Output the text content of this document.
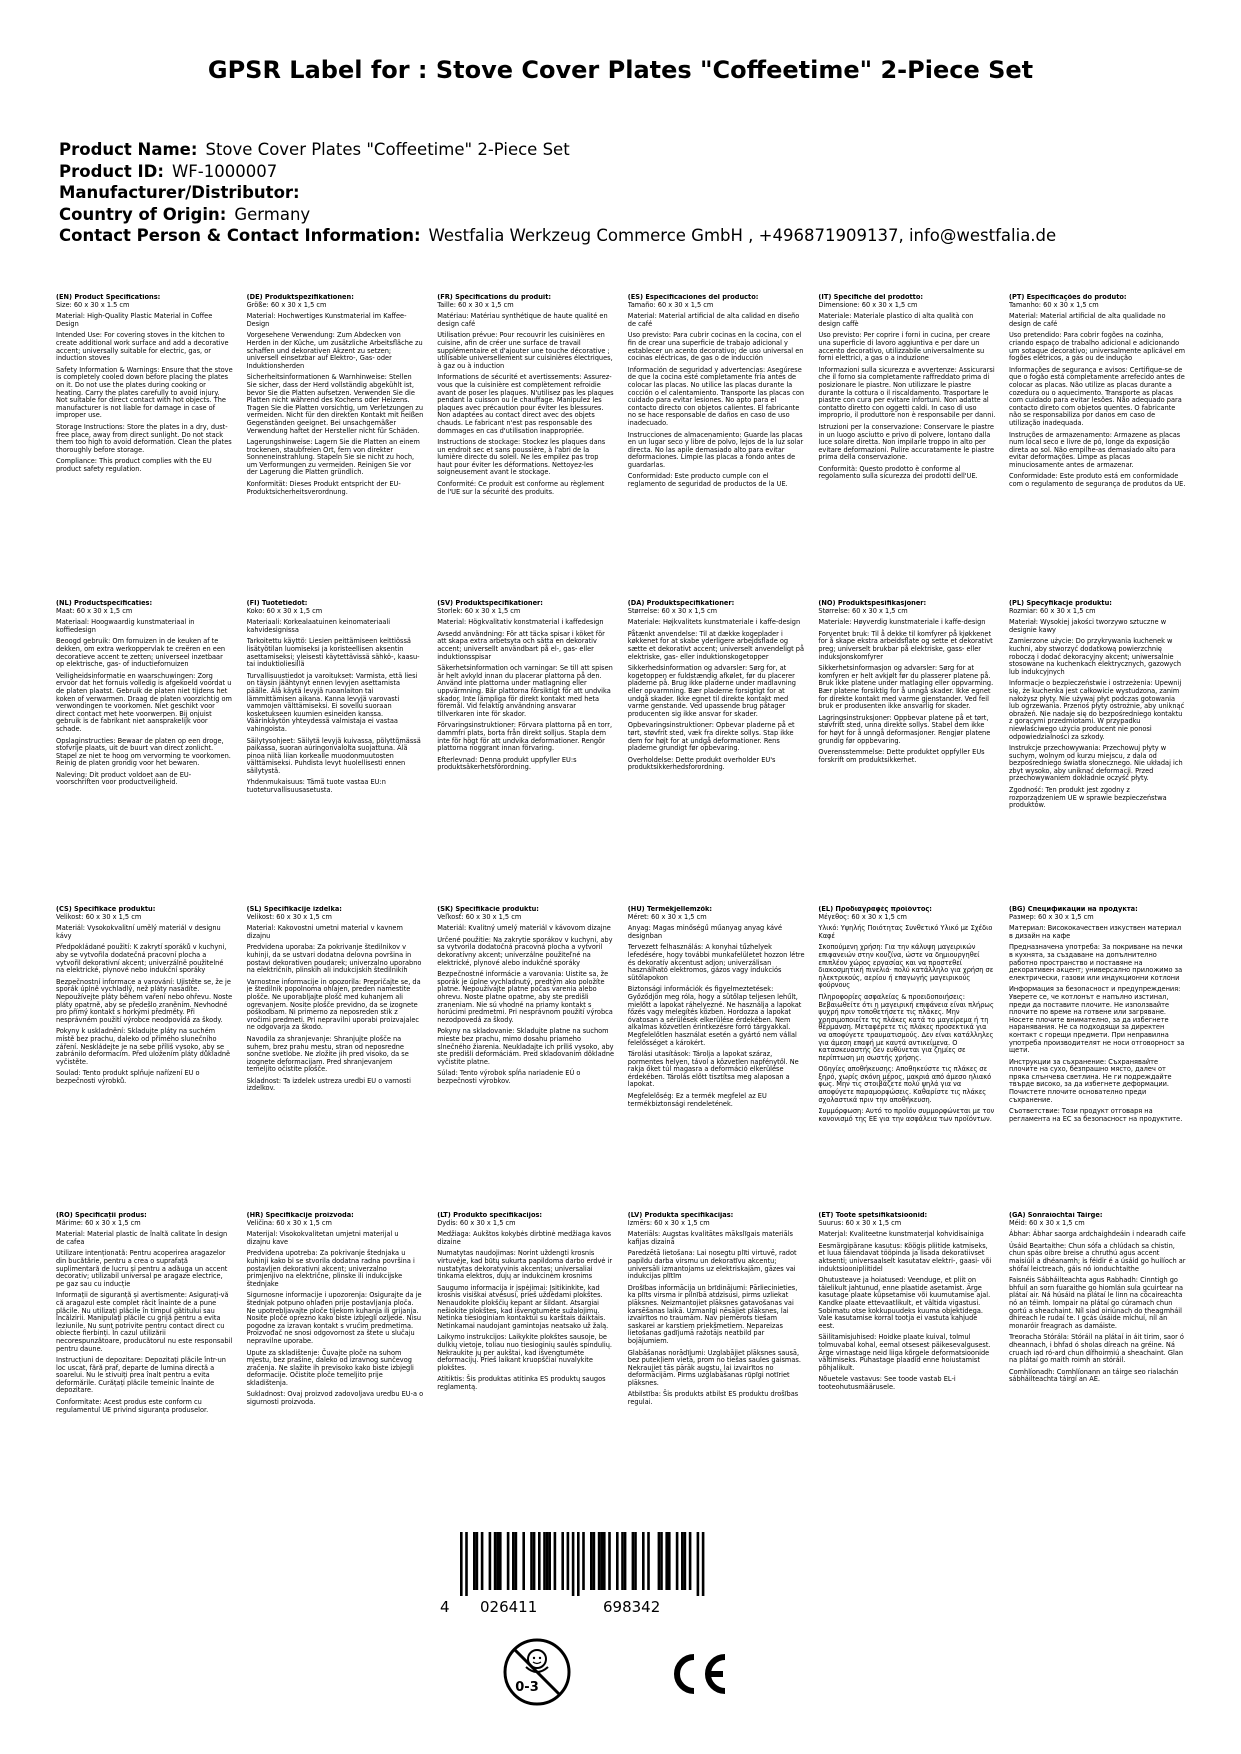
GPSR Label for : Stove Cover Plates "Coffeetime" 2-Piece Set
Product Name: Stove Cover Plates "Coffeetime" 2-Piece Set
Product ID: WF-1000007
Manufacturer/Distributor:
Country of Origin: Germany
Contact Person & Contact Information: Westfalia Werkzeug Commerce GmbH , +496871909137, info@westfalia.de
(EN) Product Specifications:

Size: 60 x 30 x 1.5 cm

Material: High-Quality Plastic Material in Coffee Design

Intended Use: For covering stoves in the kitchen to create additional work surface and add a decorative accent; universally suitable for electric, gas, or induction stoves

Safety Information & Warnings: Ensure that the stove is completely cooled down before placing the plates on it. Do not use the plates during cooking or heating. Carry the plates carefully to avoid injury. Not suitable for direct contact with hot objects. The manufacturer is not liable for damage in case of improper use.

Storage Instructions: Store the plates in a dry, dust-free place, away from direct sunlight. Do not stack them too high to avoid deformation. Clean the plates thoroughly before storage.

Compliance: This product complies with the EU product safety regulation.

(DE) Produktspezifikationen:

Größe: 60 x 30 x 1,5 cm

Material: Hochwertiges Kunstmaterial im Kaffee-Design

Vorgesehene Verwendung: Zum Abdecken von Herden in der Küche, um zusätzliche Arbeitsfläche zu schaffen und dekorativen Akzent zu setzen; universell einsetzbar auf Elektro-, Gas- oder Induktionsherden

Sicherheitsinformationen & Warnhinweise: Stellen Sie sicher, dass der Herd vollständig abgekühlt ist, bevor Sie die Platten aufsetzen. Verwenden Sie die Platten nicht während des Kochens oder Heizens. Tragen Sie die Platten vorsichtig, um Verletzungen zu vermeiden. Nicht für den direkten Kontakt mit heißen Gegenständen geeignet. Bei unsachgemäßer Verwendung haftet der Hersteller nicht für Schäden.

Lagerungshinweise: Lagern Sie die Platten an einem trockenen, staubfreien Ort, fern von direkter Sonneneinstrahlung. Stapeln Sie sie nicht zu hoch, um Verformungen zu vermeiden. Reinigen Sie vor der Lagerung die Platten gründlich.

Konformität: Dieses Produkt entspricht der EU-Produktsicherheitsverordnung.

(FR) Spécifications du produit:

Taille: 60 x 30 x 1,5 cm

Matériau: Matériau synthétique de haute qualité en design café

Utilisation prévue: Pour recouvrir les cuisinières en cuisine, afin de créer une surface de travail supplémentaire et d'ajouter une touche décorative ; utilisable universellement sur cuisinières électriques, à gaz ou à induction

Informations de sécurité et avertissements: Assurez-vous que la cuisinière est complètement refroidie avant de poser les plaques. N'utilisez pas les plaques pendant la cuisson ou le chauffage. Manipulez les plaques avec précaution pour éviter les blessures. Non adaptées au contact direct avec des objets chauds. Le fabricant n'est pas responsable des dommages en cas d'utilisation inappropriée.

Instructions de stockage: Stockez les plaques dans un endroit sec et sans poussière, à l'abri de la lumière directe du soleil. Ne les empilez pas trop haut pour éviter les déformations. Nettoyez-les soigneusement avant le stockage.

Conformité: Ce produit est conforme au règlement de l'UE sur la sécurité des produits.

(ES) Especificaciones del producto:

Tamaño: 60 x 30 x 1,5 cm

Material: Material artificial de alta calidad en diseño de café

Uso previsto: Para cubrir cocinas en la cocina, con el fin de crear una superficie de trabajo adicional y establecer un acento decorativo; de uso universal en cocinas eléctricas, de gas o de inducción

Información de seguridad y advertencias: Asegúrese de que la cocina esté completamente fría antes de colocar las placas. No utilice las placas durante la cocción o el calentamiento. Transporte las placas con cuidado para evitar lesiones. No apto para el contacto directo con objetos calientes. El fabricante no se hace responsable de daños en caso de uso inadecuado.

Instrucciones de almacenamiento: Guarde las placas en un lugar seco y libre de polvo, lejos de la luz solar directa. No las apile demasiado alto para evitar deformaciones. Limpie las placas a fondo antes de guardarlas.

Conformidad: Este producto cumple con el reglamento de seguridad de productos de la UE.

(IT) Specifiche del prodotto:

Dimensione: 60 x 30 x 1,5 cm

Materiale: Materiale plastico di alta qualità con design caffè

Uso previsto: Per coprire i forni in cucina, per creare una superficie di lavoro aggiuntiva e per dare un accento decorativo, utilizzabile universalmente su forni elettrici, a gas o a induzione

Informazioni sulla sicurezza e avvertenze: Assicurarsi che il forno sia completamente raffreddato prima di posizionare le piastre. Non utilizzare le piastre durante la cottura o il riscaldamento. Trasportare le piastre con cura per evitare infortuni. Non adatte al contatto diretto con oggetti caldi. In caso di uso improprio, il produttore non è responsabile per danni.

Istruzioni per la conservazione: Conservare le piastre in un luogo asciutto e privo di polvere, lontano dalla luce solare diretta. Non impilarle troppo in alto per evitare deformazioni. Pulire accuratamente le piastre prima della conservazione.

Conformità: Questo prodotto è conforme al regolamento sulla sicurezza dei prodotti dell'UE.

(PT) Especificações do produto:

Tamanho: 60 x 30 x 1,5 cm

Material: Material artificial de alta qualidade no design de café

Uso pretendido: Para cobrir fogões na cozinha, criando espaço de trabalho adicional e adicionando um sotaque decorativo; universalmente aplicável em fogões elétricos, a gás ou de indução

Informações de segurança e avisos: Certifique-se de que o fogão está completamente arrefecido antes de colocar as placas. Não utilize as placas durante a cozedura ou o aquecimento. Transporte as placas com cuidado para evitar lesões. Não adequado para contacto direto com objetos quentes. O fabricante não se responsabiliza por danos em caso de utilização inadequada.

Instruções de armazenamento: Armazene as placas num local seco e livre de pó, longe da exposição direta ao sol. Não empilhe-as demasiado alto para evitar deformações. Limpe as placas minuciosamente antes de armazenar.

Conformidade: Este produto está em conformidade com o regulamento de segurança de produtos da UE.

(NL) Productspecificaties:

Maat: 60 x 30 x 1,5 cm

Materiaal: Hoogwaardig kunstmateriaal in koffiedesign

Beoogd gebruik: Om fornuizen in de keuken af te dekken, om extra werkoppervlak te creëren en een decoratieve accent te zetten; universeel inzetbaar op elektrische, gas- of inductiefornuizen

Veiligheidsinformatie en waarschuwingen: Zorg ervoor dat het fornuis volledig is afgekoeld voordat u de platen plaatst. Gebruik de platen niet tijdens het koken of verwarmen. Draag de platen voorzichtig om verwondingen te voorkomen. Niet geschikt voor direct contact met hete voorwerpen. Bij onjuist gebruik is de fabrikant niet aansprakelijk voor schade.

Opslaginstructies: Bewaar de platen op een droge, stofvrije plaats, uit de buurt van direct zonlicht. Stapel ze niet te hoog om vervorming te voorkomen. Reinig de platen grondig voor het bewaren.

Naleving: Dit product voldoet aan de EU-voorschriften voor productveiligheid.

(FI) Tuotetiedot:

Koko: 60 x 30 x 1,5 cm

Materiaali: Korkealaatuinen keinomateriaali kahvidesignissa

Tarkoitettu käyttö: Liesien peittämiseen keittiössä lisätyötilan luomiseksi ja koristeellisen aksentin asettamiseksi; yleisesti käytettävissä sähkö-, kaasu- tai induktioliesillä

Turvallisuustiedot ja varoitukset: Varmista, että liesi on täysin jäähtynyt ennen levyjen asettamista päälle. Älä käytä levyjä ruoanlaiton tai lämmittämisen aikana. Kanna levyjä varovasti vammojen välttämiseksi. Ei sovellu suoraan kosketukseen kuumien esineiden kanssa. Väärinkäytön yhteydessä valmistaja ei vastaa vahingoista.

Säilytysohjeet: Säilytä levyjä kuivassa, pölyttömässä paikassa, suoran auringonvalolta suojattuna. Älä pinoa niitä liian korkealle muodonmuutosten välttämiseksi. Puhdista levyt huolellisesti ennen säilytystä.

Yhdenmukaisuus: Tämä tuote vastaa EU:n tuoteturvallisuusasetusta.

(SV) Produktspecifikationer:

Storlek: 60 x 30 x 1,5 cm

Material: Högkvalitativ konstmaterial i kaffedesign

Avsedd användning: För att täcka spisar i köket för att skapa extra arbetsyta och sätta en dekorativ accent; universellt användbart på el-, gas- eller induktionsspisar

Säkerhetsinformation och varningar: Se till att spisen är helt avkyld innan du placerar plattorna på den. Använd inte plattorna under matlagning eller uppvärmning. Bär plattorna försiktigt för att undvika skador. Inte lämpliga för direkt kontakt med heta föremål. Vid felaktig användning ansvarar tillverkaren inte för skador.

Förvaringsinstruktioner: Förvara plattorna på en torr, dammfri plats, borta från direkt solljus. Stapla dem inte för högt för att undvika deformationer. Rengör plattorna noggrant innan förvaring.

Efterlevnad: Denna produkt uppfyller EU:s produktsäkerhetsförordning.

(DA) Produktspecifikationer:

Størrelse: 60 x 30 x 1,5 cm

Materiale: Højkvalitets kunstmateriale i kaffe-design

Påtænkt anvendelse: Til at dække kogeplader i køkkenet for at skabe yderligere arbejdsflade og sætte et dekorativt accent; universelt anvendeligt på elektriske, gas- eller induktionskogetopper

Sikkerhedsinformation og advarsler: Sørg for, at kogetoppen er fuldstændig afkølet, før du placerer pladerne på. Brug ikke pladerne under madlavning eller opvarmning. Bær pladerne forsigtigt for at undgå skader. Ikke egnet til direkte kontakt med varme genstande. Ved upassende brug påtager producenten sig ikke ansvar for skader.

Opbevaringsinstruktioner: Opbevar pladerne på et tørt, støvfrit sted, væk fra direkte sollys. Stap ikke dem for højt for at undgå deformationer. Rens pladerne grundigt før opbevaring.

Overholdelse: Dette produkt overholder EU's produktsikkerhedsforordning.

(NO) Produktspesifikasjoner:

Størrelse: 60 x 30 x 1,5 cm

Materiale: Høyverdig kunstmateriale i kaffe-design

Forventet bruk: Til å dekke til komfyrer på kjøkkenet for å skape ekstra arbeidsflate og sette et dekorativt preg; universelt brukbar på elektriske, gass- eller induksjonskomfyrer

Sikkerhetsinformasjon og advarsler: Sørg for at komfyren er helt avkjølt før du plasserer platene på. Bruk ikke platene under matlaging eller oppvarming. Bær platene forsiktig for å unngå skader. Ikke egnet for direkte kontakt med varme gjenstander. Ved feil bruk er produsenten ikke ansvarlig for skader.

Lagringsinstruksjoner: Oppbevar platene på et tørt, støvfritt sted, unna direkte sollys. Stabel dem ikke for høyt for å unngå deformasjoner. Rengjør platene grundig før oppbevaring.

Overensstemmelse: Dette produktet oppfyller EUs forskrift om produktsikkerhet.

(PL) Specyfikacje produktu:

Rozmiar: 60 x 30 x 1,5 cm

Materiał: Wysokiej jakości tworzywo sztuczne w designie kawy

Zamierzone użycie: Do przykrywania kuchenek w kuchni, aby stworzyć dodatkową powierzchnię roboczą i dodać dekoracyjny akcent; uniwersalnie stosowane na kuchenkach elektrycznych, gazowych lub indukcyjnych

Informacje o bezpieczeństwie i ostrzeżenia: Upewnij się, że kuchenka jest całkowicie wystudzona, zanim nałożysz płyty. Nie używaj płyt podczas gotowania lub ogrzewania. Przenoś płyty ostrożnie, aby uniknąć obrażeń. Nie nadaje się do bezpośredniego kontaktu z gorącymi przedmiotami. W przypadku niewłaściwego użycia producent nie ponosi odpowiedzialności za szkody.

Instrukcje przechowywania: Przechowuj płyty w suchym, wolnym od kurzu miejscu, z dala od bezpośredniego światła słonecznego. Nie układaj ich zbyt wysoko, aby uniknąć deformacji. Przed przechowywaniem dokładnie oczyść płyty.

Zgodność: Ten produkt jest zgodny z rozporządzeniem UE w sprawie bezpieczeństwa produktów.

(CS) Specifikace produktu:

Velikost: 60 x 30 x 1,5 cm

Materiál: Vysokokvalitní umělý materiál v designu kávy

Předpokládané použití: K zakrytí sporáků v kuchyni, aby se vytvořila dodatečná pracovní plocha a vytvořil dekorativní akcent; univerzálně použitelné na elektrické, plynové nebo indukční sporáky

Bezpečnostní informace a varování: Ujistěte se, že je sporák úplně vychladlý, než pláty nasadíte. Nepoužívejte pláty během vaření nebo ohřevu. Noste pláty opatrně, aby se předešlo zraněním. Nevhodné pro přímý kontakt s horkými předměty. Při nesprávném použití výrobce neodpovídá za škody.

Pokyny k uskladnění: Skladujte pláty na suchém místě bez prachu, daleko od přímého slunečního záření. Neskládejte je na sebe příliš vysoko, aby se zabránilo deformacím. Před uložením pláty důkladně vyčistěte.

Soulad: Tento produkt splňuje nařízení EU o bezpečnosti výrobků.

(SL) Specifikacije izdelka:

Velikost: 60 x 30 x 1,5 cm

Material: Kakovostni umetni material v kavnem dizajnu

Predvidena uporaba: Za pokrivanje štedilnikov v kuhinji, da se ustvari dodatna delovna površina in postavi dekorativen poudarek; univerzalno uporabno na električnih, plinskih ali indukcijskih štedilnikih

Varnostne informacije in opozorila: Prepričajte se, da je štedilnik popolnoma ohlajen, preden namestite plošče. Ne uporabljajte plošč med kuhanjem ali ogrevanjem. Nosite plošče previdno, da se izognete poškodbam. Ni primerno za neposreden stik z vročimi predmeti. Pri nepravilni uporabi proizvajalec ne odgovarja za škodo.

Navodila za shranjevanje: Shranjujte plošče na suhem, brez prahu mestu, stran od neposredne sončne svetlobe. Ne zložite jih pred visoko, da se izognete deformacijam. Pred shranjevanjem temeljito očistite plošče.

Skladnost: Ta izdelek ustreza uredbi EU o varnosti izdelkov.

(SK) Špecifikácie produktu:

Veľkosť: 60 x 30 x 1,5 cm

Materiál: Kvalitný umelý materiál v kávovom dizajne

Určené použitie: Na zakrytie sporákov v kuchyni, aby sa vytvorila dodatočná pracovná plocha a vytvoril dekoratívny akcent; univerzálne použiteľné na elektrické, plynové alebo indukčné sporáky

Bezpečnostné informácie a varovania: Uistite sa, že sporák je úplne vychladnutý, predtým ako položíte platne. Nepoužívajte platne počas varenia alebo ohrevu. Noste platne opatrne, aby ste predišli zraneniam. Nie sú vhodné na priamy kontakt s horúcimi predmetmi. Pri nesprávnom použití výrobca nezodpovedá za škody.

Pokyny na skladovanie: Skladujte platne na suchom mieste bez prachu, mimo dosahu priameho slnečného žiarenia. Neukladajte ich príliš vysoko, aby ste predišli deformáciám. Pred skladovaním dôkladne vyčistite platne.

Súlad: Tento výrobok spĺňa nariadenie EÚ o bezpečnosti výrobkov.

(HU) Termékjellemzők:

Méret: 60 x 30 x 1,5 cm

Anyag: Magas minőségű műanyag anyag kávé designban

Tervezett felhasználás: A konyhai tűzhelyek lefedésére, hogy további munkafelületet hozzon létre és dekoratív akcentust adjon; univerzálisan használható elektromos, gázos vagy indukciós sütőlapokon

Biztonsági információk és figyelmeztetések: Győződjön meg róla, hogy a sütőlap teljesen lehűlt, mielőtt a lapokat ráhelyezné. Ne használja a lapokat főzés vagy melegítés közben. Hordozza a lapokat óvatosan a sérülések elkerülése érdekében. Nem alkalmas közvetlen érintkezésre forró tárgyakkal. Megfelelőtlen használat esetén a gyártó nem vállal felelősséget a károkért.

Tárolási utasítások: Tárolja a lapokat száraz, pormentes helyen, távol a közvetlen napfénytől. Ne rakja őket túl magasra a deformáció elkerülése érdekében. Tárolás előtt tisztítsa meg alaposan a lapokat.

Megfelelőség: Ez a termék megfelel az EU termékbiztonsági rendeletének.

(EL) Προδιαγραφές προϊόντος:

Μέγεθος: 60 x 30 x 1,5 cm

Υλικό: Υψηλής Ποιότητας Συνθετικό Υλικό με Σχέδιο Καφέ

Σκοπούμενη χρήση: Για την κάλυψη μαγειρικών επιφανειών στην κουζίνα, ώστε να δημιουργηθεί επιπλέον χώρος εργασίας και να προστεθεί διακοσμητική πινελιά· πολύ κατάλληλο για χρήση σε ηλεκτρικούς, αερίου ή επαγωγής μαγειρικούς φούρνους

Πληροφορίες ασφαλείας & προειδοποιήσεις: Βεβαιωθείτε ότι η μαγειρική επιφάνεια είναι πλήρως ψυχρή πριν τοποθετήσετε τις πλάκες. Μην χρησιμοποιείτε τις πλάκες κατά το μαγείρεμα ή τη θέρμανση. Μεταφέρετε τις πλάκες προσεκτικά για να αποφύγετε τραυματισμούς. Δεν είναι κατάλληλες για άμεση επαφή με καυτά αντικείμενα. Ο κατασκευαστής δεν ευθύνεται για ζημίες σε περίπτωση μη σωστής χρήσης.

Οδηγίες αποθήκευσης: Αποθηκεύστε τις πλάκες σε ξηρό, χωρίς σκόνη μέρος, μακριά από άμεσο ηλιακό φως. Μην τις στοιβάζετε πολύ ψηλά για να αποφύγετε παραμορφώσεις. Καθαρίστε τις πλάκες σχολαστικά πριν την αποθήκευση.

Συμμόρφωση: Αυτό το προϊόν συμμορφώνεται με τον κανονισμό της ΕΕ για την ασφάλεια των προϊόντων.

(BG) Спецификации на продукта:

Размер: 60 x 30 x 1,5 cm

Материал: Висококачествен изкуствен материал в дизайн на кафе

Предназначена употреба: За покриване на печки в кухнята, за създаване на допълнително работно пространство и поставяне на декоративен акцент; универсално приложимо за електрически, газови или индукционни котлони

Информация за безопасност и предупреждения: Уверете се, че котлонът е напълно изстинал, преди да поставите плочите. Не използвайте плочите по време на готвене или загряване. Носете плочите внимателно, за да избегнете наранявания. Не са подходящи за директен контакт с горещи предмети. При неправилна употреба производителят не носи отговорност за щети.

Инструкции за съхранение: Съхранявайте плочите на сухо, безпрашно място, далеч от пряка слънчева светлина. Не ги подреждайте твърде високо, за да избегнете деформации. Почистете плочите основателно преди съхранение.

Съответствие: Този продукт отговаря на регламента на ЕС за безопасност на продуктите.

(RO) Specificații produs:

Mărime: 60 x 30 x 1,5 cm

Material: Material plastic de înaltă calitate în design de cafea

Utilizare intenționată: Pentru acoperirea aragazelor din bucătărie, pentru a crea o suprafață suplimentară de lucru și pentru a adăuga un accent decorativ; utilizabil universal pe aragaze electrice, pe gaz sau cu inducție

Informații de siguranță și avertismente: Asigurați-vă că aragazul este complet răcit înainte de a pune plăcile. Nu utilizați plăcile în timpul gătitului sau încălzirii. Manipulați plăcile cu grijă pentru a evita leziunile. Nu sunt potrivite pentru contact direct cu obiecte fierbinți. În cazul utilizării necorespunzătoare, producătorul nu este responsabil pentru daune.

Instrucțiuni de depozitare: Depozitați plăcile într-un loc uscat, fără praf, departe de lumina directă a soarelui. Nu le stivuiți prea înalt pentru a evita deformările. Curățați plăcile temeinic înainte de depozitare.

Conformitate: Acest produs este conform cu regulamentul UE privind siguranța produselor.

(HR) Specifikacije proizvoda:

Veličina: 60 x 30 x 1,5 cm

Materijal: Visokokvalitetan umjetni materijal u dizajnu kave

Predviđena upotreba: Za pokrivanje štednjaka u kuhinji kako bi se stvorila dodatna radna površina i postavljen dekorativni akcent; univerzalno primjenjivo na električne, plinske ili indukcijske štednjake

Sigurnosne informacije i upozorenja: Osigurajte da je štednjak potpuno ohlađen prije postavljanja ploča. Ne upotrebljavajte ploče tijekom kuhanja ili grijanja. Nosite ploče oprezno kako biste izbjegli ozljede. Nisu pogodne za izravan kontakt s vrućim predmetima. Proizvođač ne snosi odgovornost za štete u slučaju nepravilne uporabe.

Upute za skladištenje: Čuvajte ploče na suhom mjestu, bez prašine, daleko od izravnog sunčevog zračenja. Ne slažite ih previsoko kako biste izbjegli deformacije. Očistite ploče temeljito prije skladištenja.

Sukladnost: Ovaj proizvod zadovoljava uredbu EU-a o sigurnosti proizvoda.

(LT) Produkto specifikacijos:

Dydis: 60 x 30 x 1,5 cm

Medžiaga: Aukštos kokybės dirbtinė medžiaga kavos dizaine

Numatytas naudojimas: Norint uždengti krosnis virtuvėje, kad būtų sukurta papildoma darbo erdvė ir nustatytas dekoratyvinis akcentas; universaliai tinkama elektros, dujų ar indukcinėm krosnims

Saugumo informacija ir įspėjimai: Įsitikinkite, kad krosnis visiškai atvėsusi, prieš uždėdami plokštes. Nenaudokite plokščių kepant ar šildant. Atsargiai nešiokite plokštes, kad išvengtumėte sužalojimų. Netinka tiesioginiam kontaktui su karštais daiktais. Netinkamai naudojant gamintojas neatsako už žalą.

Laikymo instrukcijos: Laikykite plokštes sausoje, be dulkių vietoje, toliau nuo tiesioginių saulės spindulių. Nekraukite jų per aukštai, kad išvengtumėte deformacijų. Prieš laikant kruopščiai nuvalykite plokštes.

Atitiktis: Šis produktas atitinka ES produktų saugos reglamentą.

(LV) Produkta specifikācijas:

Izmērs: 60 x 30 x 1,5 cm

Materiāls: Augstas kvalitātes mākslīgais materiāls kafijas dizainā

Paredzētā lietošana: Lai nosegtu plīti virtuvē, radot papildu darba virsmu un dekoratīvu akcentu; universāli izmantojams uz elektriskajām, gāzes vai indukcijas plītīm

Drošības informācija un brīdinājumi: Pārliecinieties, ka plīts virsma ir pilnībā atdzisusi, pirms uzliekat plāksnes. Neizmantojiet plāksnes gatavošanas vai karsēšanas laikā. Uzmanīgi nēsājiet plāksnes, lai izvairītos no traumām. Nav piemērots tiešam saskarei ar karstiem priekšmetiem. Nepareizas lietošanas gadījumā ražotājs neatbild par bojājumiem.

Glabāšanas norādījumi: Uzglabājiet plāksnes sausā, bez putekļiem vietā, prom no tiešas saules gaismas. Nekraujiet tās pārāk augstu, lai izvairītos no deformācijām. Pirms uzglabāšanas rūpīgi notīriet plāksnes.

Atbilstība: Šis produkts atbilst ES produktu drošības regulai.

(ET) Toote spetsifikatsioonid:

Suurus: 60 x 30 x 1,5 cm

Materjal: Kvaliteetne kunstmaterjal kohvidisainiga

Eesmärgipärane kasutus: Köögis pliitide katmiseks, et luua täiendavat tööpinda ja lisada dekoratiivset aktsenti; universaalselt kasutatav elektri-, gaasi- või induktsioonipliitidel

Ohutusteave ja hoiatused: Veenduge, et pliit on täielikult jahtunud, enne plaatide asetamist. Ärge kasutage plaate küpsetamise või kuumutamise ajal. Kandke plaate ettevaatlikult, et vältida vigastusi. Sobimatu otse kokkupuudeks kuuma objektidega. Vale kasutamise korral tootja ei vastuta kahjude eest.

Säilitamisjuhised: Hoidke plaate kuival, tolmul tolmuvabal kohal, eemal otsesest päikesevalgusest. Ärge virnastage neid liiga kõrgele deformatsioonide vältimiseks. Puhastage plaadid enne hoiustamist põhjalikult.

Nõuetele vastavus: See toode vastab EL-i tooteohutusmäärusele.

(GA) Sonraíochtaí Táirge:

Méid: 60 x 30 x 1,5 cm

Ábhar: Ábhar saorga ardchaighdeáin i ndearadh caife

Úsáid Beartaithe: Chun sófa a chlúdach sa chistin, chun spás oibre breise a chruthú agus accent maisiúil a dhéanamh; is féidir é a úsáid go huilíoch ar shófaí leictreach, gáis nó ionduchtaithe

Faisnéis Sábháilteachta agus Rabhadh: Cinntigh go bhfuil an sorn fuaraithe go hiomlán sula gcuirtear na plátaí air. Ná húsáid na plátaí le linn na cócaireachta nó an téimh. Iompair na plátaí go cúramach chun gortú a sheachaint. Níl siad oiriúnach do theagmháil dhíreach le rudaí te. I gcás úsáide míchuí, níl an monaróir freagrach as damáiste.

Treoracha Stórála: Stóráil na plátaí in áit tirim, saor ó dheannach, i bhfad ó sholas díreach na gréine. Ná cruach iad ró-ard chun dífhoirmiú a sheachaint. Glan na plátaí go maith roimh an stóráil.

Comhlíonadh: Comhlíonann an táirge seo rialachán sábháilteachta táirgí an AE.

4 026411	698342
0-3
